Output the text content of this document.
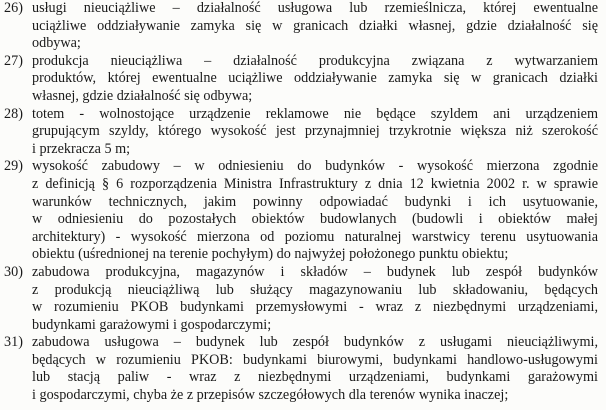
26) usługi nieuciążliwe – działalność usługowa lub rzemieślnicza, której ewentualne
uciążliwe oddziaływanie zamyka się w granicach działki własnej, gdzie działalność się
odbywa;
27) produkcja nieuciążliwa – działalność produkcyjna związana z wytwarzaniem
produktów, której ewentualne uciążliwe oddziaływanie zamyka się w granicach działki
własnej, gdzie działalność się odbywa;
28) totem - wolnostojące urządzenie reklamowe nie będące szyldem ani urządzeniem
grupującym szyldy, którego wysokość jest przynajmniej trzykrotnie większa niż szerokość
i przekracza 5 m;
29) wysokość zabudowy – w odniesieniu do budynków - wysokość mierzona zgodnie
z definicją § 6 rozporządzenia Ministra Infrastruktury z dnia 12 kwietnia 2002 r. w sprawie
warunków technicznych, jakim powinny odpowiadać budynki i ich usytuowanie,
w odniesieniu do pozostałych obiektów budowlanych (budowli i obiektów małej
architektury) - wysokość mierzona od poziomu naturalnej warstwicy terenu usytuowania
obiektu (uśrednionej na terenie pochyłym) do najwyżej położonego punktu obiektu;
30) zabudowa produkcyjna, magazynów i składów – budynek lub zespół budynków
z produkcją nieuciążliwą lub służący magazynowaniu lub składowaniu, będących
w rozumieniu PKOB budynkami przemysłowymi - wraz z niezbędnymi urządzeniami,
budynkami garażowymi i gospodarczymi;
31) zabudowa usługowa – budynek lub zespół budynków z usługami nieuciążliwymi,
będących w rozumieniu PKOB: budynkami biurowymi, budynkami handlowo-usługowymi
lub stacją paliw - wraz z niezbędnymi urządzeniami, budynkami garażowymi
i gospodarczymi, chyba że z przepisów szczegółowych dla terenów wynika inaczej;
